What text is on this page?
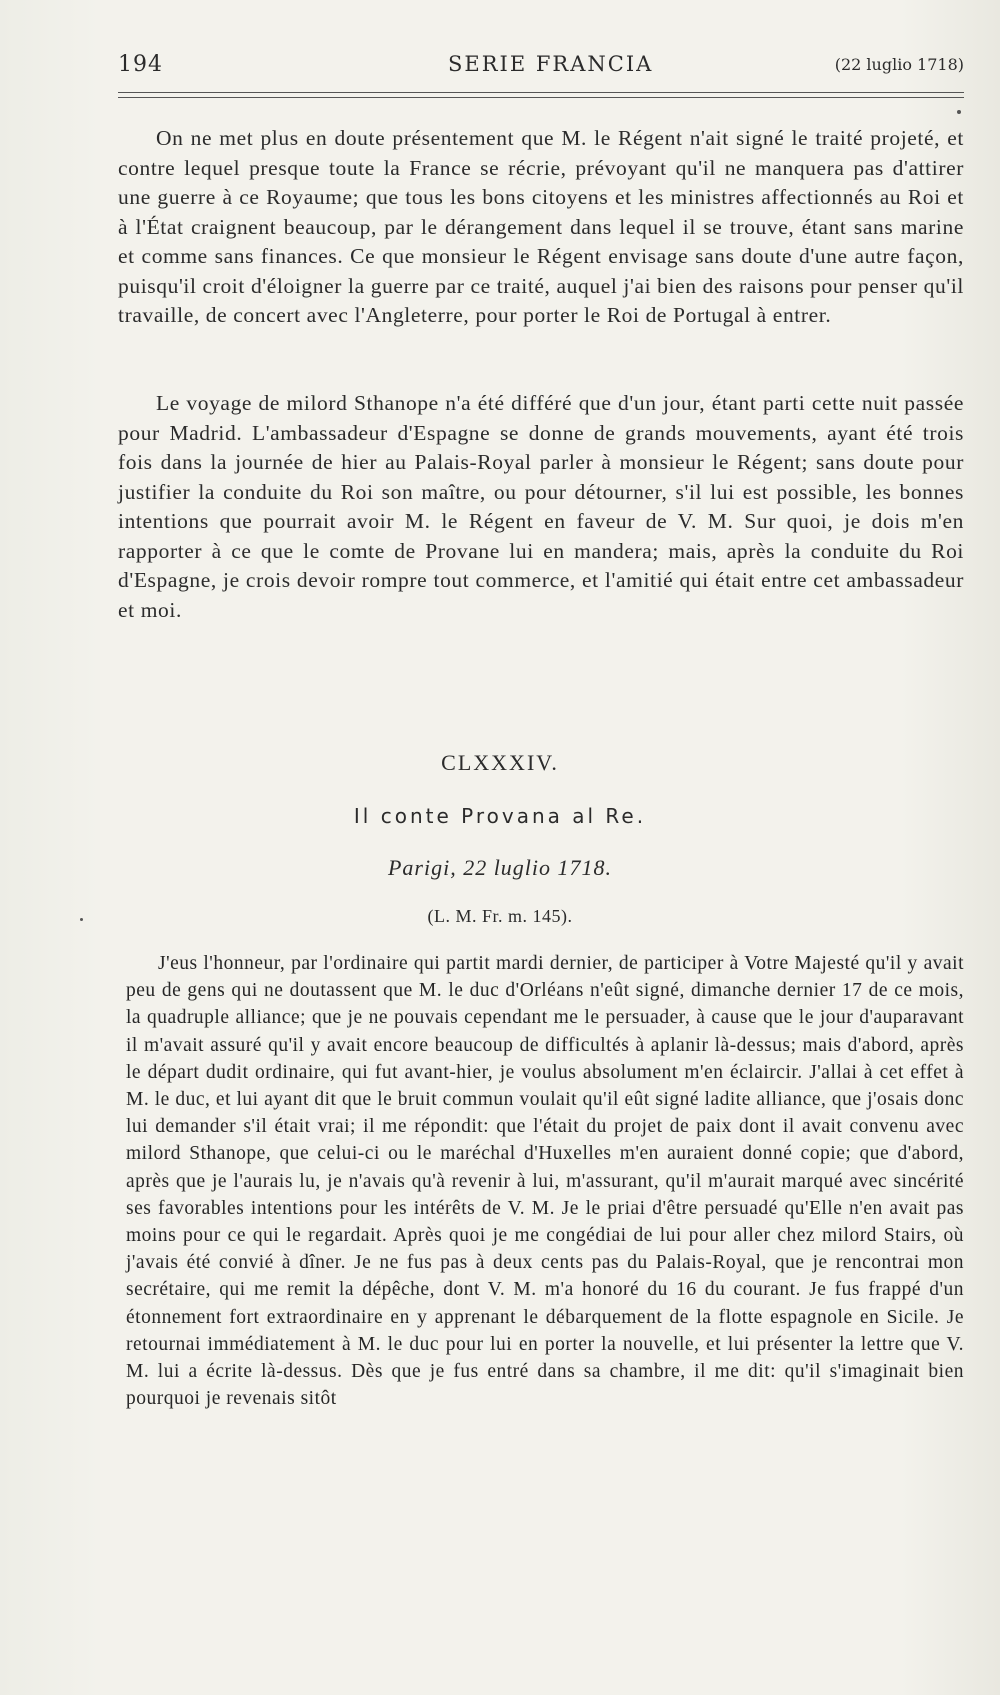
194	SERIE FRANCIA	(22 luglio 1718)

On ne met plus en doute présentement que M. le Régent n'ait signé le traité projeté, et contre lequel presque toute la France se récrie, prévoyant qu'il ne manquera pas d'attirer une guerre à ce Royaume; que tous les bons citoyens et les ministres affectionnés au Roi et à l'État craignent beaucoup, par le dérangement dans lequel il se trouve, étant sans marine et comme sans finances. Ce que monsieur le Régent envisage sans doute d'une autre façon, puisqu'il croit d'éloigner la guerre par ce traité, auquel j'ai bien des raisons pour penser qu'il travaille, de concert avec l'Angleterre, pour porter le Roi de Portugal à entrer.

Le voyage de milord Sthanope n'a été différé que d'un jour, étant parti cette nuit passée pour Madrid. L'ambassadeur d'Espagne se donne de grands mouvements, ayant été trois fois dans la journée de hier au Palais-Royal parler à monsieur le Régent; sans doute pour justifier la conduite du Roi son maître, ou pour détourner, s'il lui est possible, les bonnes intentions que pourrait avoir M. le Régent en faveur de V. M. Sur quoi, je dois m'en rapporter à ce que le comte de Provane lui en mandera; mais, après la conduite du Roi d'Espagne, je crois devoir rompre tout commerce, et l'amitié qui était entre cet ambassadeur et moi.

CLXXXIV.
Il conte Provana al Re.
Parigi, 22 luglio 1718.
(L. M. Fr. m. 145).

J'eus l'honneur, par l'ordinaire qui partit mardi dernier, de participer à Votre Majesté qu'il y avait peu de gens qui ne doutassent que M. le duc d'Orléans n'eût signé, dimanche dernier 17 de ce mois, la quadruple alliance; que je ne pouvais cependant me le persuader, à cause que le jour d'auparavant il m'avait assuré qu'il y avait encore beaucoup de difficultés à aplanir là-dessus; mais d'abord, après le départ dudit ordinaire, qui fut avant-hier, je voulus absolument m'en éclaircir. J'allai à cet effet à M. le duc, et lui ayant dit que le bruit commun voulait qu'il eût signé ladite alliance, que j'osais donc lui demander s'il était vrai; il me répondit: que l'était du projet de paix dont il avait convenu avec milord Sthanope, que celui-ci ou le maréchal d'Huxelles m'en auraient donné copie; que d'abord, après que je l'aurais lu, je n'avais qu'à revenir à lui, m'assurant, qu'il m'aurait marqué avec sincérité ses favorables intentions pour les intérêts de V. M. Je le priai d'être persuadé qu'Elle n'en avait pas moins pour ce qui le regardait. Après quoi je me congédiai de lui pour aller chez milord Stairs, où j'avais été convié à dîner. Je ne fus pas à deux cents pas du Palais-Royal, que je rencontrai mon secrétaire, qui me remit la dépêche, dont V. M. m'a honoré du 16 du courant. Je fus frappé d'un étonnement fort extraordinaire en y apprenant le débarquement de la flotte espagnole en Sicile. Je retournai immédiatement à M. le duc pour lui en porter la nouvelle, et lui présenter la lettre que V. M. lui a écrite là-dessus. Dès que je fus entré dans sa chambre, il me dit: qu'il s'imaginait bien pourquoi je revenais sitôt
